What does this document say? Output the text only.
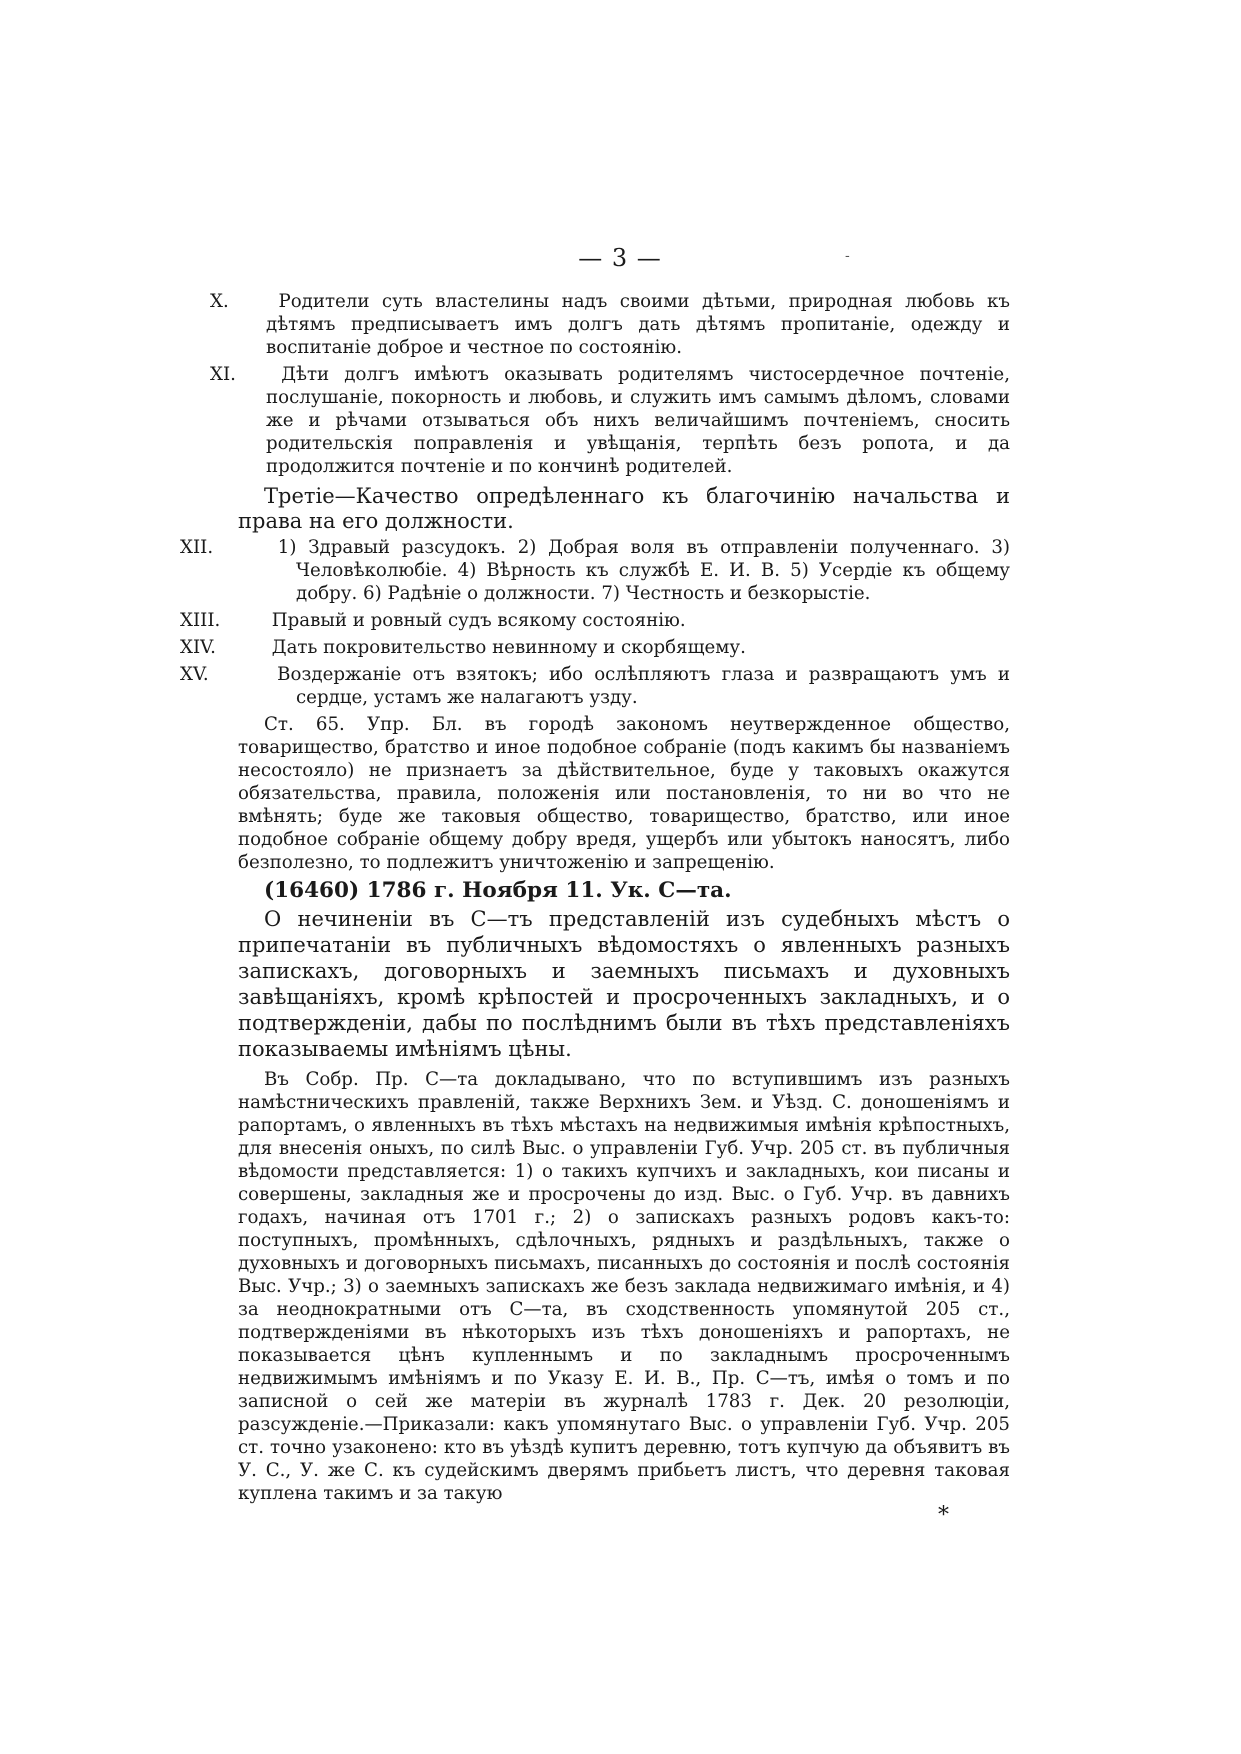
— 3 —	-

X.	Родители суть властелины надъ своими дѣтьми, природная любовь къ дѣтямъ предписываетъ имъ долгъ дать дѣтямъ пропитаніе, одежду и воспитаніе доброе и честное по состоянію.

XI. Дѣти долгъ имѣютъ оказывать родителямъ чистосердечное почтеніе, послушаніе, покорность и любовь, и служить имъ самымъ дѣломъ, словами же и рѣчами отзываться объ нихъ величайшимъ почтеніемъ, сносить родительскія поправленія и увѣщанія, терпѣть безъ ропота, и да продолжится почтеніе и по кончинѣ родителей.

Третіе—Качество опредѣленнаго къ благочинію начальства и права на его должности.

XII.	1) Здравый разсудокъ. 2) Добрая воля въ отправленіи полученнаго. 3) Человѣколюбіе. 4) Вѣрность къ службѣ Е. И. В. 5) Усердіе къ общему добру. 6) Радѣніе о должности. 7) Честность и безкорыстіе.

XIII.	Правый и ровный судъ всякому состоянію.

XIV.	Дать покровительство невинному и скорбящему.

XV.	Воздержаніе отъ взятокъ; ибо ослѣпляютъ глаза и развращаютъ умъ и сердце, устамъ же налагаютъ узду.

Ст. 65. Упр. Бл. въ городѣ закономъ неутвержденное общество, товарищество, братство и иное подобное собраніе (подъ какимъ бы названіемъ несостояло) не признаетъ за дѣйствительное, буде у таковыхъ окажутся обязательства, правила, положенія или постановленія, то ни во что не вмѣнять; буде же таковыя общество, товарищество, братство, или иное подобное собраніе общему добру вредя, ущербъ или убытокъ наносятъ, либо безполезно, то подлежитъ уничтоженію и запрещенію.

(16460) 1786 г. Ноября 11. Ук. С—та.

О нечиненіи въ С—тъ представленій изъ судебныхъ мѣстъ о припечатаніи въ публичныхъ вѣдомостяхъ о явленныхъ разныхъ запискахъ, договорныхъ и заемныхъ письмахъ и духовныхъ завѣщаніяхъ, кромѣ крѣпостей и просроченныхъ закладныхъ, и о подтвержденіи, дабы по послѣднимъ были въ тѣхъ представленіяхъ показываемы имѣніямъ цѣны.

Въ Собр. Пр. С—та докладывано, что по вступившимъ изъ разныхъ намѣстническихъ правленій, также Верхнихъ Зем. и Уѣзд. С. доношеніямъ и рапортамъ, о явленныхъ въ тѣхъ мѣстахъ на недвижимыя имѣнія крѣпостныхъ, для внесенія оныхъ, по силѣ Выс. о управленіи Губ. Учр. 205 ст. въ публичныя вѣдомости представляется: 1) о такихъ купчихъ и закладныхъ, кои писаны и совершены, закладныя же и просрочены до изд. Выс. о Губ. Учр. въ давнихъ годахъ, начиная отъ 1701 г.; 2) о запискахъ разныхъ родовъ какъ-то: поступныхъ, промѣнныхъ, сдѣлочныхъ, рядныхъ и раздѣльныхъ, также о духовныхъ и договорныхъ письмахъ, писанныхъ до состоянія и послѣ состоянія Выс. Учр.; 3) о заемныхъ запискахъ же безъ заклада недвижимаго имѣнія, и 4) за неоднократными отъ С—та, въ сходственность упомянутой 205 ст., подтвержденіями въ нѣкоторыхъ изъ тѣхъ доношеніяхъ и рапортахъ, не показывается цѣнъ купленнымъ и по закладнымъ просроченнымъ недвижимымъ имѣніямъ и по Указу Е. И. В., Пр. С—тъ, имѣя о томъ и по записной о сей же матеріи въ журналѣ 1783 г. Дек. 20 резолюціи, разсужденіе.—Приказали: какъ упомянутаго Выс. о управленіи Губ. Учр. 205 ст. точно узаконено: кто въ уѣздѣ купитъ деревню, тотъ купчую да объявитъ въ У. С., У. же С. къ судейскимъ дверямъ прибьетъ листъ, что деревня таковая куплена такимъ и за такую

*
